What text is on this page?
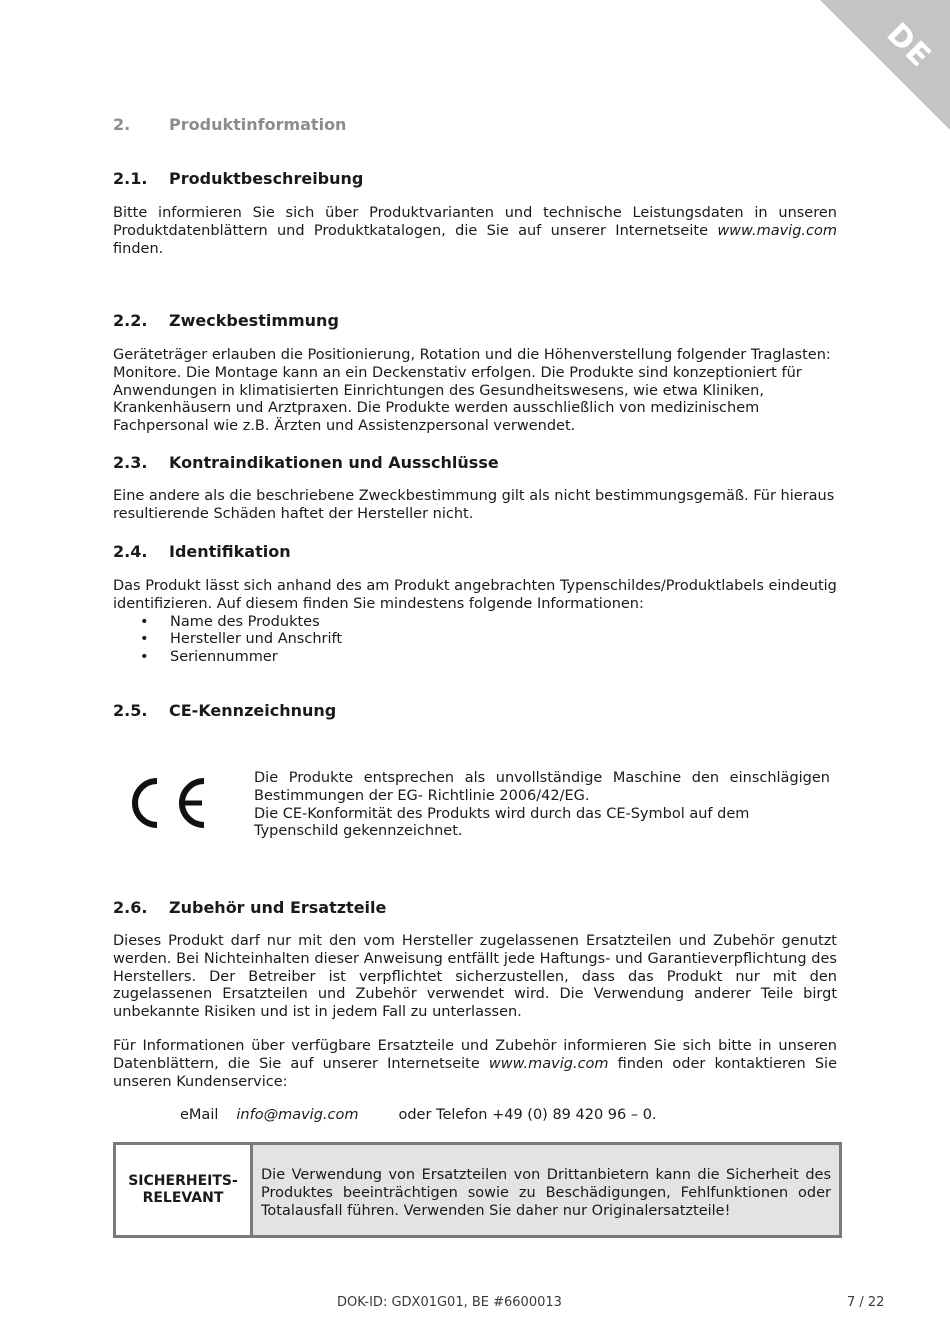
DE
2. Produktinformation
2.1. Produktbeschreibung

Bitte informieren Sie sich über Produktvarianten und technische Leistungsdaten in unseren Produktdatenblättern und Produktkatalogen, die Sie auf unserer Internetseite www.mavig.com finden.

2.2. Zweckbestimmung

Geräteträger erlauben die Positionierung, Rotation und die Höhenverstellung folgender Traglasten: Monitore. Die Montage kann an ein Deckenstativ erfolgen. Die Produkte sind konzeptioniert für Anwendungen in klimatisierten Einrichtungen des Gesundheitswesens, wie etwa Kliniken, Krankenhäusern und Arztpraxen. Die Produkte werden ausschließlich von medizinischem Fachpersonal wie z.B. Ärzten und Assistenzpersonal verwendet.

2.3. Kontraindikationen und Ausschlüsse

Eine andere als die beschriebene Zweckbestimmung gilt als nicht bestimmungsgemäß. Für hieraus resultierende Schäden haftet der Hersteller nicht.

2.4. Identifikation
Das Produkt lässt sich anhand des am Produkt angebrachten Typenschildes/Produktlabels eindeutig identifizieren. Auf diesem finden Sie mindestens folgende Informationen:
• Name des Produktes
• Hersteller und Anschrift
• Seriennummer
2.5. CE-Kennzeichnung
Die Produkte entsprechen als unvollständige Maschine den einschlägigen Bestimmungen der EG- Richtlinie 2006/42/EG.
Die CE-Konformität des Produkts wird durch das CE-Symbol auf dem Typenschild gekennzeichnet.
2.6. Zubehör und Ersatzteile

Dieses Produkt darf nur mit den vom Hersteller zugelassenen Ersatzteilen und Zubehör genutzt werden. Bei Nichteinhalten dieser Anweisung entfällt jede Haftungs- und Garantieverpflichtung des Herstellers. Der Betreiber ist verpflichtet sicherzustellen, dass das Produkt nur mit den zugelassenen Ersatzteilen und Zubehör verwendet wird. Die Verwendung anderer Teile birgt unbekannte Risiken und ist in jedem Fall zu unterlassen.

Für Informationen über verfügbare Ersatzteile und Zubehör informieren Sie sich bitte in unseren Datenblättern, die Sie auf unserer Internetseite www.mavig.com finden oder kontaktieren Sie unseren Kundenservice:

eMail info@mavig.com	oder Telefon +49 (0) 89 420 96 – 0.
SICHERHEITS-
RELEVANT
Die Verwendung von Ersatzteilen von Drittanbietern kann die Sicherheit des Produktes beeinträchtigen sowie zu Beschädigungen, Fehlfunktionen oder Totalausfall führen. Verwenden Sie daher nur Originalersatzteile!
DOK-ID: GDX01G01, BE #6600013	7 / 22
